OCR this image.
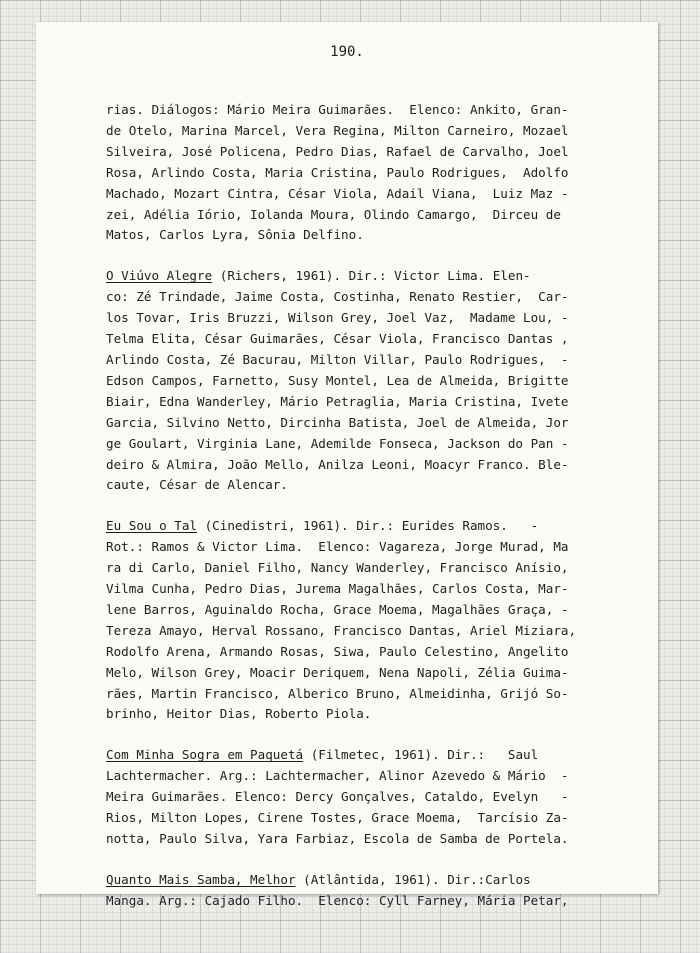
190.
rias. Diálogos: Mário Meira Guimarães.  Elenco: Ankito, Gran-
de Otelo, Marina Marcel, Vera Regina, Milton Carneiro, Mozael
Silveira, José Policena, Pedro Dias, Rafael de Carvalho, Joel
Rosa, Arlindo Costa, Maria Cristina, Paulo Rodrigues,  Adolfo
Machado, Mozart Cintra, César Viola, Adail Viana,  Luiz Maz -
zei, Adélia Iório, Iolanda Moura, Olindo Camargo,  Dirceu de
Matos, Carlos Lyra, Sônia Delfino.
O Viúvo Alegre (Richers, 1961). Dir.: Victor Lima. Elen-
co: Zé Trindade, Jaime Costa, Costinha, Renato Restier,  Car-
los Tovar, Iris Bruzzi, Wilson Grey, Joel Vaz,  Madame Lou, -
Telma Elita, César Guimarães, César Viola, Francisco Dantas ,
Arlindo Costa, Zé Bacurau, Milton Villar, Paulo Rodrigues,  -
Edson Campos, Farnetto, Susy Montel, Lea de Almeida, Brigitte
Biair, Edna Wanderley, Mário Petraglia, Maria Cristina, Ivete
Garcia, Silvino Netto, Dircinha Batista, Joel de Almeida, Jor
ge Goulart, Virginia Lane, Ademilde Fonseca, Jackson do Pan -
deiro & Almira, João Mello, Anilza Leoni, Moacyr Franco. Ble-
caute, César de Alencar.
Eu Sou o Tal (Cinedistri, 1961). Dir.: Eurides Ramos.   -
Rot.: Ramos & Victor Lima.  Elenco: Vagareza, Jorge Murad, Ma
ra di Carlo, Daniel Filho, Nancy Wanderley, Francisco Anísio,
Vilma Cunha, Pedro Dias, Jurema Magalhães, Carlos Costa, Mar-
lene Barros, Aguinaldo Rocha, Grace Moema, Magalhães Graça, -
Tereza Amayo, Herval Rossano, Francisco Dantas, Ariel Miziara,
Rodolfo Arena, Armando Rosas, Siwa, Paulo Celestino, Angelito
Melo, Wilson Grey, Moacir Deriquem, Nena Napoli, Zélia Guima-
rães, Martin Francisco, Alberico Bruno, Almeidinha, Grijó So-
brinho, Heitor Dias, Roberto Piola.
Com Minha Sogra em Paquetá (Filmetec, 1961). Dir.:   Saul
Lachtermacher. Arg.: Lachtermacher, Alinor Azevedo & Mário  -
Meira Guimarães. Elenco: Dercy Gonçalves, Cataldo, Evelyn   -
Rios, Milton Lopes, Cirene Tostes, Grace Moema,  Tarcísio Za-
notta, Paulo Silva, Yara Farbiaz, Escola de Samba de Portela.
Quanto Mais Samba, Melhor (Atlântida, 1961). Dir.:Carlos
Manga. Arg.: Cajado Filho.  Elenco: Cyll Farney, Mária Petar,
